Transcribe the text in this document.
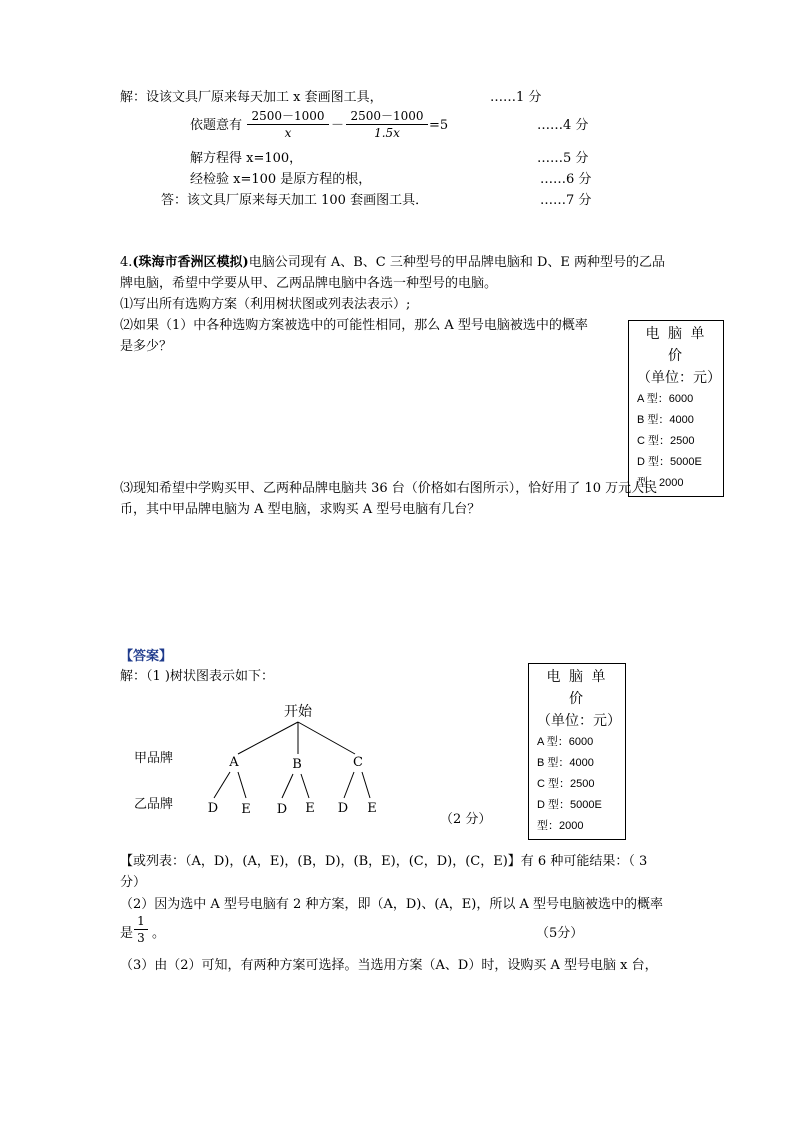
解：设该文具厂原来每天加工 x 套画图工具，	……1 分
依题意有
2500－1000
x	－
2500－1000
1.5x	=5	……4 分
解方程得 x=100，	……5 分
经检验 x=100 是原方程的根，	……6 分
答：该文具厂原来每天加工 100 套画图工具．	……7 分
4.(珠海市香洲区模拟)电脑公司现有 A、B、C 三种型号的甲品牌电脑和 D、E 两种型号的乙品
牌电脑，希望中学要从甲、乙两品牌电脑中各选一种型号的电脑。
⑴写出所有选购方案（利用树状图或列表法表示）;
⑵如果（1）中各种选购方案被选中的可能性相同，那么 A 型号电脑被选中的概率
是多少？
电 脑 单 价
（单位：元）
A 型：6000
B 型：4000
C 型：2500
D 型：5000E
型：2000
⑶现知希望中学购买甲、乙两种品牌电脑共 36 台（价格如右图所示），恰好用了 10 万元人民
币，其中甲品牌电脑为 A 型电脑，求购买 A 型号电脑有几台？
【答案】
解：（1 )树状图表示如下：
开始
甲品牌	A	B	C
乙品牌	D E D E D E
（2 分）
电 脑 单 价
（单位：元）
A 型：6000
B 型：4000
C 型：2500
D 型：5000E
型：2000
【或列表：（A，D)，(A，E)，(B，D)，(B，E)，(C，D)，(C，E)】有 6 种可能结果：（ 3
分）
（2）因为选中 A 型号电脑有 2 种方案，即（A，D)、(A，E)，所以 A 型号电脑被选中的概率
是
1
3 。	（5分）
（3）由（2）可知，有两种方案可选择。当选用方案（A、D）时，设购买 A 型号电脑 x 台，
